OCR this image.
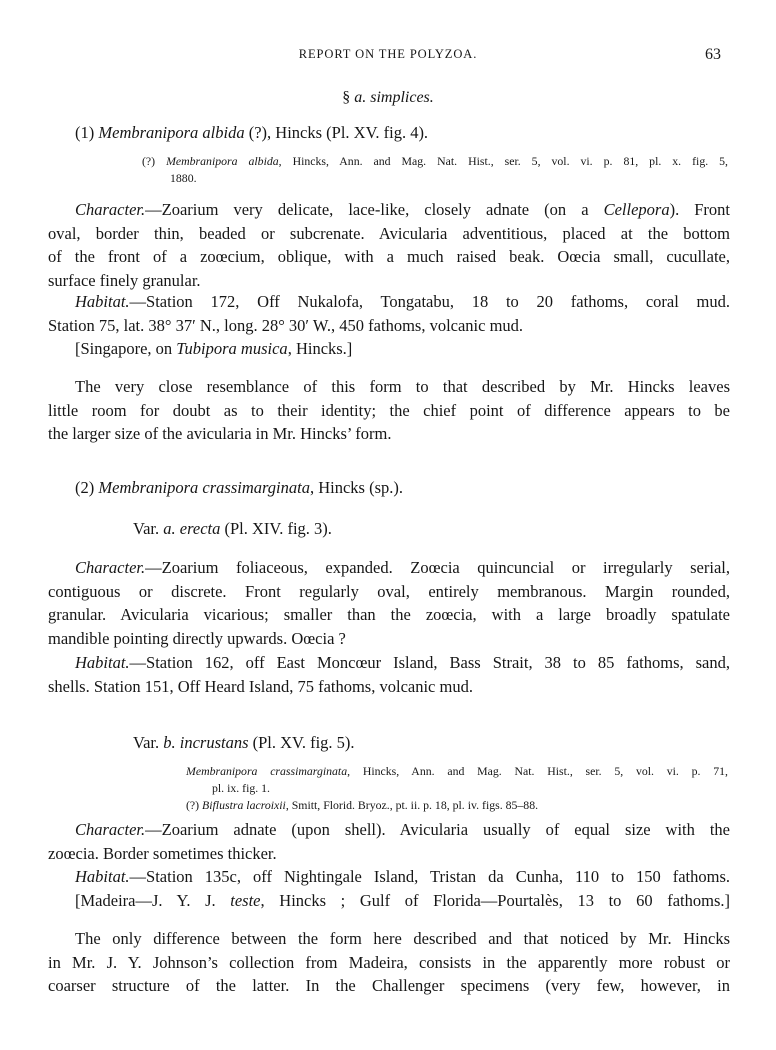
REPORT ON THE POLYZOA.	63
§ a. simplices.
(1) Membranipora albida (?), Hincks (Pl. XV. fig. 4).
(?) Membranipora albida, Hincks, Ann. and Mag. Nat. Hist., ser. 5, vol. vi. p. 81, pl. x. fig. 5,
1880.
Character.—Zoarium very delicate, lace-like, closely adnate (on a Cellepora). Front
oval, border thin, beaded or subcrenate. Avicularia adventitious, placed at the bottom
of the front of a zoœcium, oblique, with a much raised beak. Oœcia small, cucullate,
surface finely granular.
Habitat.—Station 172, Off Nukalofa, Tongatabu, 18 to 20 fathoms, coral mud.
Station 75, lat. 38° 37′ N., long. 28° 30′ W., 450 fathoms, volcanic mud.
[Singapore, on Tubipora musica, Hincks.]
The very close resemblance of this form to that described by Mr. Hincks leaves
little room for doubt as to their identity; the chief point of difference appears to be
the larger size of the avicularia in Mr. Hincks’ form.
(2) Membranipora crassimarginata, Hincks (sp.).
Var. a. erecta (Pl. XIV. fig. 3).
Character.—Zoarium foliaceous, expanded. Zoœcia quincuncial or irregularly serial,
contiguous or discrete. Front regularly oval, entirely membranous. Margin rounded,
granular. Avicularia vicarious; smaller than the zoœcia, with a large broadly spatulate
mandible pointing directly upwards. Oœcia ?
Habitat.—Station 162, off East Moncœur Island, Bass Strait, 38 to 85 fathoms, sand,
shells. Station 151, Off Heard Island, 75 fathoms, volcanic mud.
Var. b. incrustans (Pl. XV. fig. 5).
Membranipora crassimarginata, Hincks, Ann. and Mag. Nat. Hist., ser. 5, vol. vi. p. 71,
pl. ix. fig. 1.
(?) Biflustra lacroixii, Smitt, Florid. Bryoz., pt. ii. p. 18, pl. iv. figs. 85–88.
Character.—Zoarium adnate (upon shell). Avicularia usually of equal size with the
zoœcia. Border sometimes thicker.
Habitat.—Station 135c, off Nightingale Island, Tristan da Cunha, 110 to 150 fathoms.
[Madeira—J. Y. J. teste, Hincks ; Gulf of Florida—Pourtalès, 13 to 60 fathoms.]
The only difference between the form here described and that noticed by Mr. Hincks
in Mr. J. Y. Johnson’s collection from Madeira, consists in the apparently more robust or
coarser structure of the latter. In the Challenger specimens (very few, however, in
